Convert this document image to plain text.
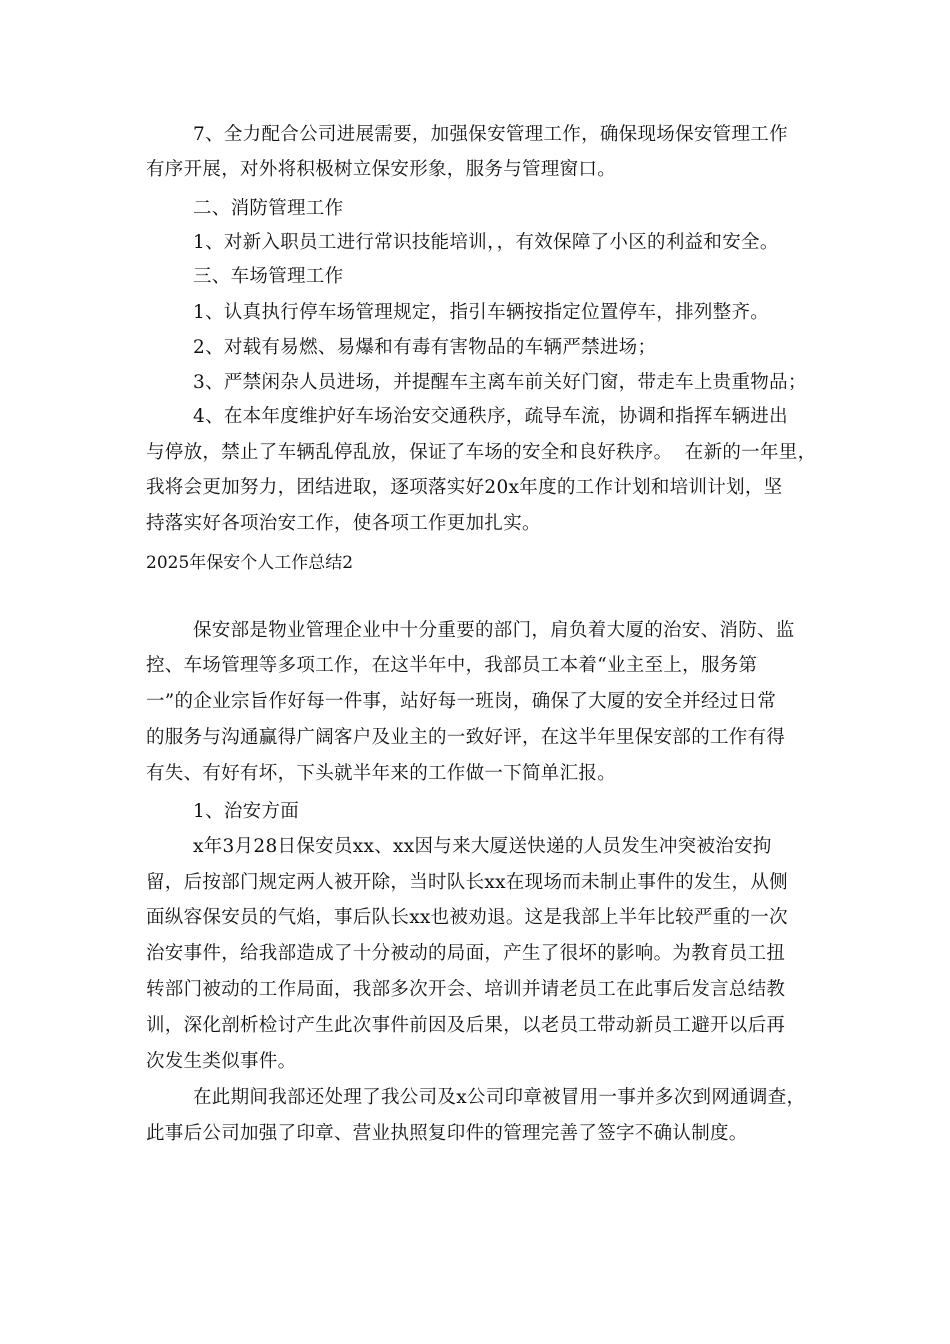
7、全力配合公司进展需要，加强保安管理工作，确保现场保安管理工作
有序开展，对外将积极树立保安形象，服务与管理窗口。
二、消防管理工作
1、对新入职员工进行常识技能培训，，有效保障了小区的利益和安全。
三、车场管理工作
1、认真执行停车场管理规定，指引车辆按指定位置停车，排列整齐。
2、对载有易燃、易爆和有毒有害物品的车辆严禁进场；
3、严禁闲杂人员进场，并提醒车主离车前关好门窗，带走车上贵重物品；
4、在本年度维护好车场治安交通秩序，疏导车流，协调和指挥车辆进出
与停放，禁止了车辆乱停乱放，保证了车场的安全和良好秩序。  在新的一年里，
我将会更加努力，团结进取，逐项落实好20x年度的工作计划和培训计划，坚
持落实好各项治安工作，使各项工作更加扎实。
2025年保安个人工作总结2
保安部是物业管理企业中十分重要的部门，肩负着大厦的治安、消防、监
控、车场管理等多项工作，在这半年中，我部员工本着“业主至上，服务第
一”的企业宗旨作好每一件事，站好每一班岗，确保了大厦的安全并经过日常
的服务与沟通赢得广阔客户及业主的一致好评，在这半年里保安部的工作有得
有失、有好有坏，下头就半年来的工作做一下简单汇报。
1、治安方面
x年3月28日保安员xx、xx因与来大厦送快递的人员发生冲突被治安拘
留，后按部门规定两人被开除，当时队长xx在现场而未制止事件的发生，从侧
面纵容保安员的气焰，事后队长xx也被劝退。这是我部上半年比较严重的一次
治安事件，给我部造成了十分被动的局面，产生了很坏的影响。为教育员工扭
转部门被动的工作局面，我部多次开会、培训并请老员工在此事后发言总结教
训，深化剖析检讨产生此次事件前因及后果，以老员工带动新员工避开以后再
次发生类似事件。
在此期间我部还处理了我公司及x公司印章被冒用一事并多次到网通调查，
此事后公司加强了印章、营业执照复印件的管理完善了签字不确认制度。
